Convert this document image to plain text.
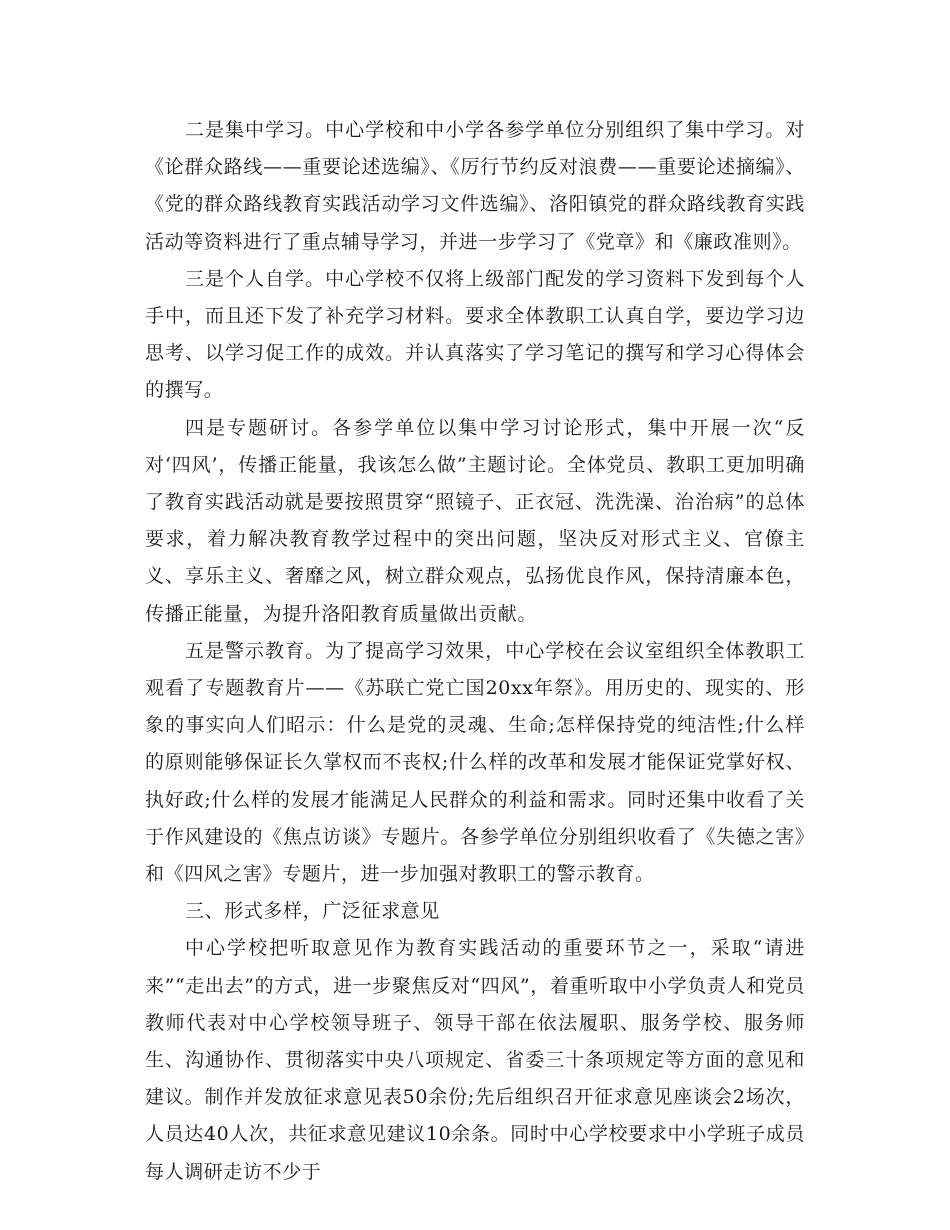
二是集中学习。中心学校和中小学各参学单位分别组织了集中学习。对《论群众路线——重要论述选编》、《厉行节约反对浪费——重要论述摘编》、《党的群众路线教育实践活动学习文件选编》、洛阳镇党的群众路线教育实践活动等资料进行了重点辅导学习，并进一步学习了《党章》和《廉政准则》。

三是个人自学。中心学校不仅将上级部门配发的学习资料下发到每个人手中，而且还下发了补充学习材料。要求全体教职工认真自学，要边学习边思考、以学习促工作的成效。并认真落实了学习笔记的撰写和学习心得体会的撰写。

四是专题研讨。各参学单位以集中学习讨论形式，集中开展一次“反对‘四风’，传播正能量，我该怎么做”主题讨论。全体党员、教职工更加明确了教育实践活动就是要按照贯穿“照镜子、正衣冠、洗洗澡、治治病”的总体要求，着力解决教育教学过程中的突出问题，坚决反对形式主义、官僚主义、享乐主义、奢靡之风，树立群众观点，弘扬优良作风，保持清廉本色，传播正能量，为提升洛阳教育质量做出贡献。

五是警示教育。为了提高学习效果，中心学校在会议室组织全体教职工观看了专题教育片——《苏联亡党亡国20xx年祭》。用历史的、现实的、形象的事实向人们昭示：什么是党的灵魂、生命;怎样保持党的纯洁性;什么样的原则能够保证长久掌权而不丧权;什么样的改革和发展才能保证党掌好权、执好政;什么样的发展才能满足人民群众的利益和需求。同时还集中收看了关于作风建设的《焦点访谈》专题片。各参学单位分别组织收看了《失德之害》和《四风之害》专题片，进一步加强对教职工的警示教育。

三、形式多样，广泛征求意见

中心学校把听取意见作为教育实践活动的重要环节之一，采取“请进来”“走出去”的方式，进一步聚焦反对“四风”，着重听取中小学负责人和党员教师代表对中心学校领导班子、领导干部在依法履职、服务学校、服务师生、沟通协作、贯彻落实中央八项规定、省委三十条项规定等方面的意见和建议。制作并发放征求意见表50余份;先后组织召开征求意见座谈会2场次，人员达40人次，共征求意见建议10余条。同时中心学校要求中小学班子成员每人调研走访不少于
